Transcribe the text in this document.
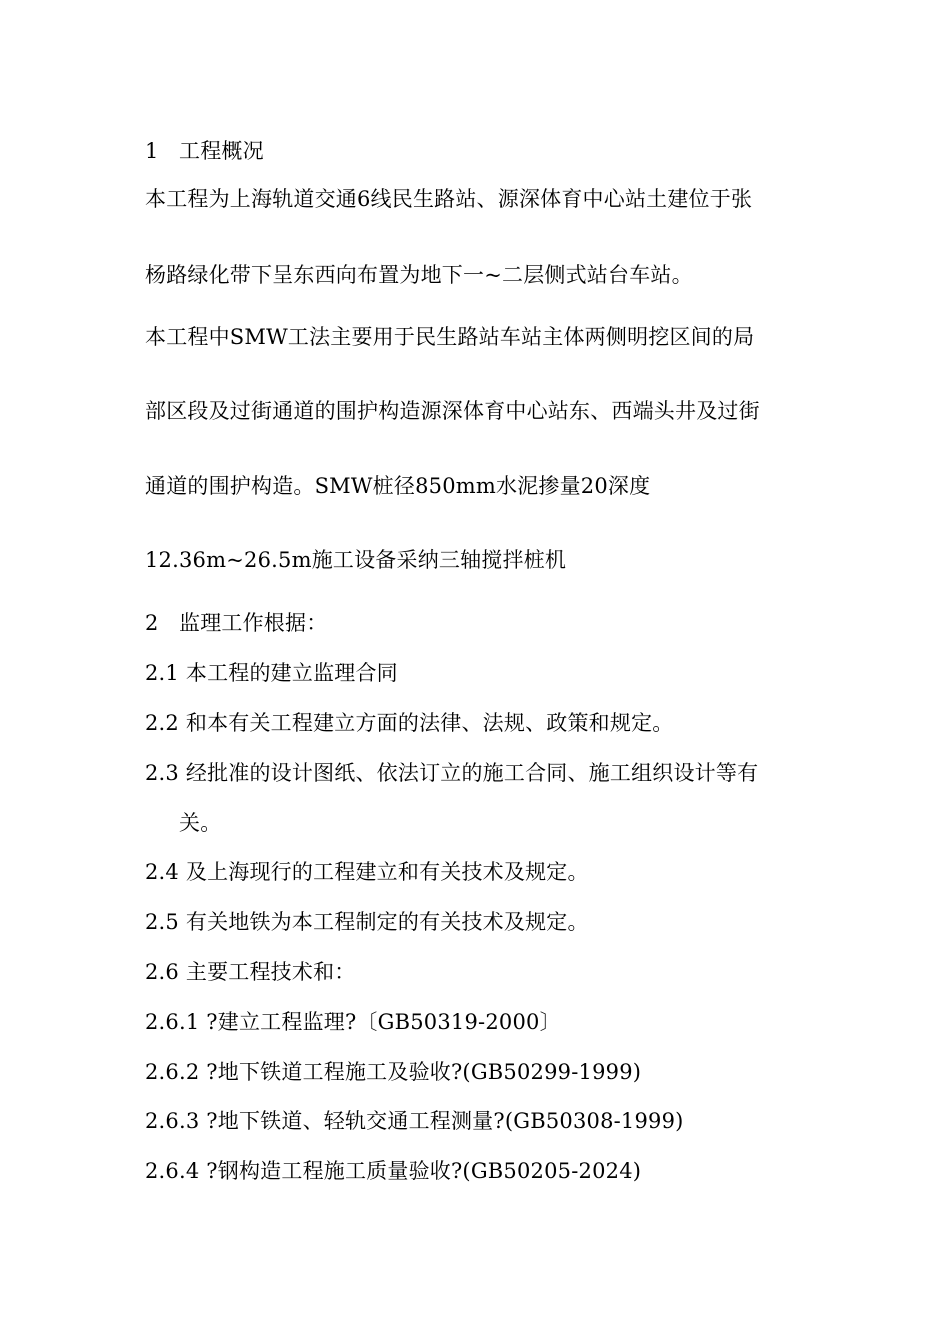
1 工程概况
本工程为上海轨道交通6线民生路站、源深体育中心站土建位于张
杨路绿化带下呈东西向布置为地下一~二层侧式站台车站。
本工程中SMW工法主要用于民生路站车站主体两侧明挖区间的局
部区段及过街通道的围护构造源深体育中心站东、西端头井及过街
通道的围护构造。SMW桩径850mm水泥掺量20深度
12.36m~26.5m施工设备采纳三轴搅拌桩机
2 监理工作根据：
2.1 本工程的建立监理合同
2.2 和本有关工程建立方面的法律、法规、政策和规定。
2.3 经批准的设计图纸、依法订立的施工合同、施工组织设计等有
关。
2.4 及上海现行的工程建立和有关技术及规定。
2.5 有关地铁为本工程制定的有关技术及规定。
2.6 主要工程技术和：
2.6.1 ?建立工程监理?〔GB50319-2000〕
2.6.2 ?地下铁道工程施工及验收?(GB50299-1999)
2.6.3 ?地下铁道、轻轨交通工程测量?(GB50308-1999)
2.6.4 ?钢构造工程施工质量验收?(GB50205-2024)
